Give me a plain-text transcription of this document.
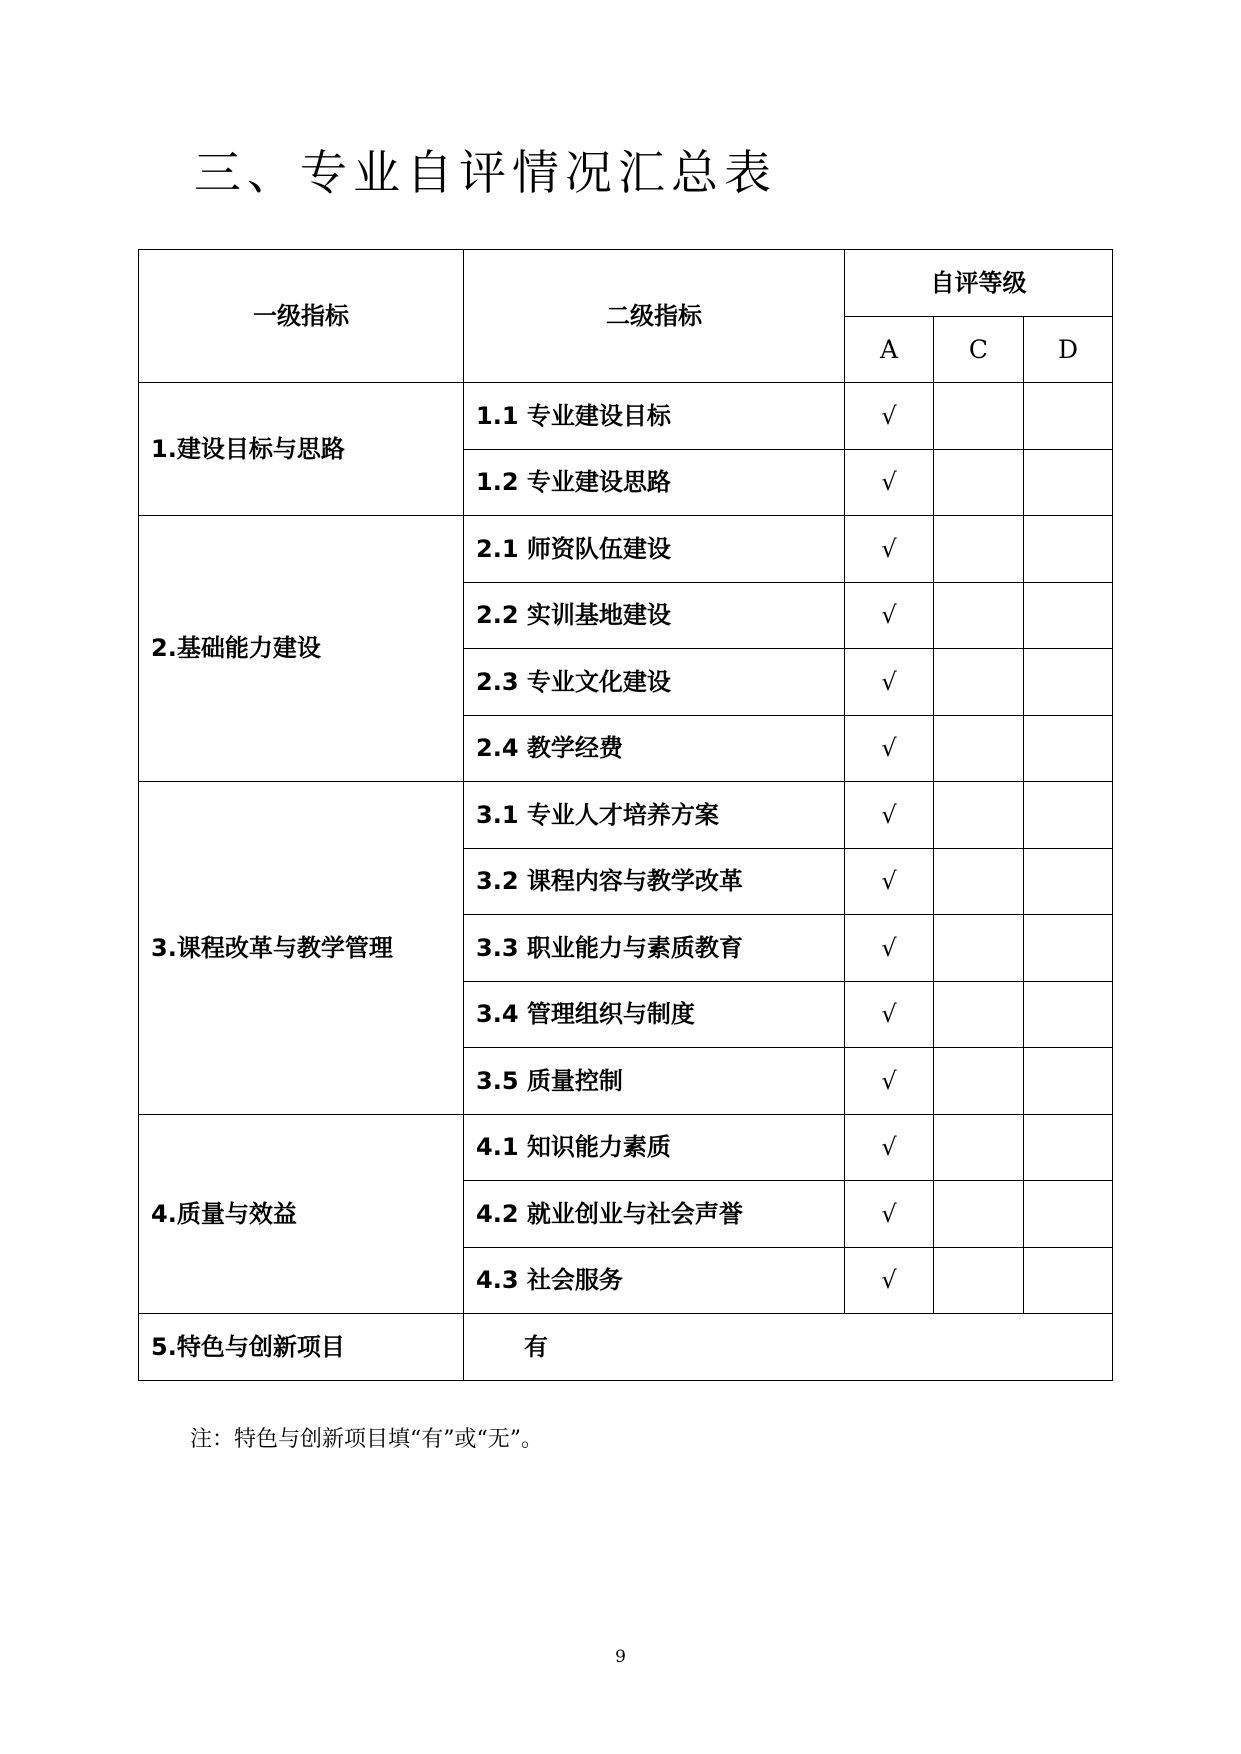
三、专业自评情况汇总表
一级指标	二级指标	自评等级		
		A	C	D
1.建设目标与思路	1.1 专业建设目标	√		
	1.2 专业建设思路	√		
2.基础能力建设	2.1 师资队伍建设	√		
	2.2 实训基地建设	√		
	2.3 专业文化建设	√		
	2.4 教学经费	√		
3.课程改革与教学管理	3.1 专业人才培养方案	√		
	3.2 课程内容与教学改革	√		
	3.3 职业能力与素质教育	√		
	3.4 管理组织与制度	√		
	3.5 质量控制	√		
4.质量与效益	4.1 知识能力素质	√		
	4.2 就业创业与社会声誉	√		
	4.3 社会服务	√		
5.特色与创新项目	有			
注：特色与创新项目填“有”或“无”。
9
